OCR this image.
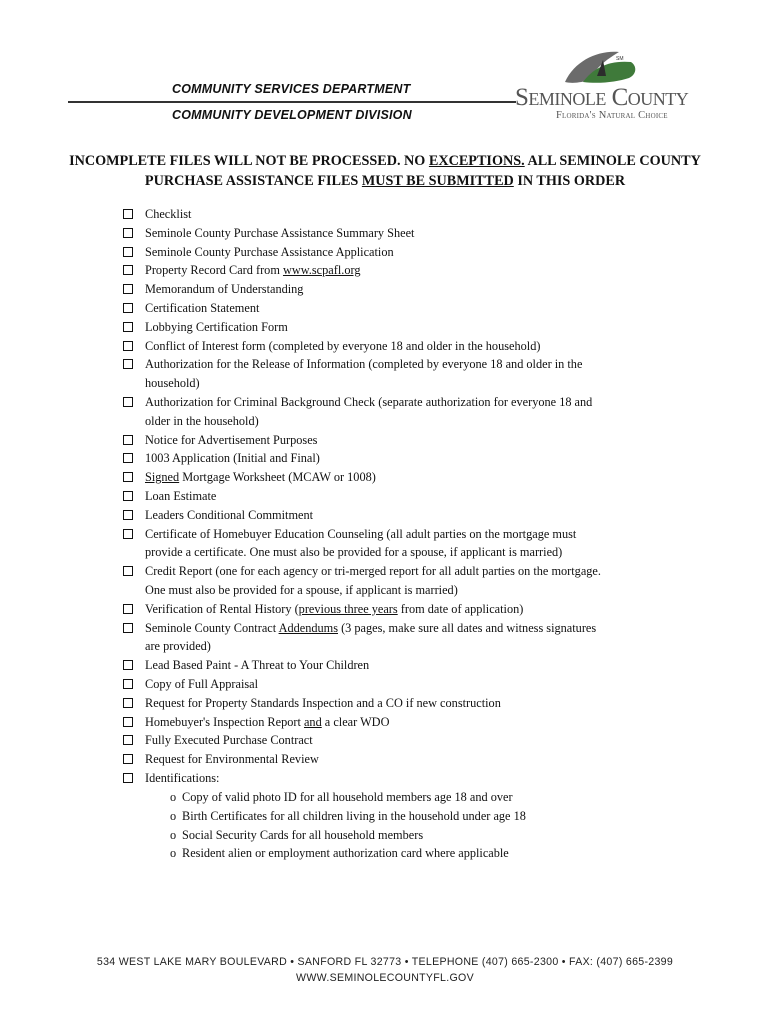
COMMUNITY SERVICES DEPARTMENT
COMMUNITY DEVELOPMENT DIVISION
SM
Seminole County
Florida's Natural Choice
INCOMPLETE FILES WILL NOT BE PROCESSED. NO EXCEPTIONS. ALL SEMINOLE COUNTY PURCHASE ASSISTANCE FILES MUST BE SUBMITTED IN THIS ORDER
Checklist
Seminole County Purchase Assistance Summary Sheet
Seminole County Purchase Assistance Application
Property Record Card from www.scpafl.org
Memorandum of Understanding
Certification Statement
Lobbying Certification Form
Conflict of Interest form (completed by everyone 18 and older in the household)
Authorization for the Release of Information (completed by everyone 18 and older in the
household)
Authorization for Criminal Background Check (separate authorization for everyone 18 and
older in the household)
Notice for Advertisement Purposes
1003 Application (Initial and Final)
Signed Mortgage Worksheet (MCAW or 1008)
Loan Estimate
Leaders Conditional Commitment
Certificate of Homebuyer Education Counseling (all adult parties on the mortgage must
provide a certificate. One must also be provided for a spouse, if applicant is married)
Credit Report (one for each agency or tri-merged report for all adult parties on the mortgage.
One must also be provided for a spouse, if applicant is married)
Verification of Rental History (previous three years from date of application)
Seminole County Contract Addendums (3 pages, make sure all dates and witness signatures
are provided)
Lead Based Paint - A Threat to Your Children
Copy of Full Appraisal
Request for Property Standards Inspection and a CO if new construction
Homebuyer's Inspection Report and a clear WDO
Fully Executed Purchase Contract
Request for Environmental Review
Identifications:
o Copy of valid photo ID for all household members age 18 and over
o Birth Certificates for all children living in the household under age 18
o Social Security Cards for all household members
o Resident alien or employment authorization card where applicable
534 WEST LAKE MARY BOULEVARD • SANFORD FL 32773 • TELEPHONE (407) 665-2300 • FAX: (407) 665-2399
WWW.SEMINOLECOUNTYFL.GOV
